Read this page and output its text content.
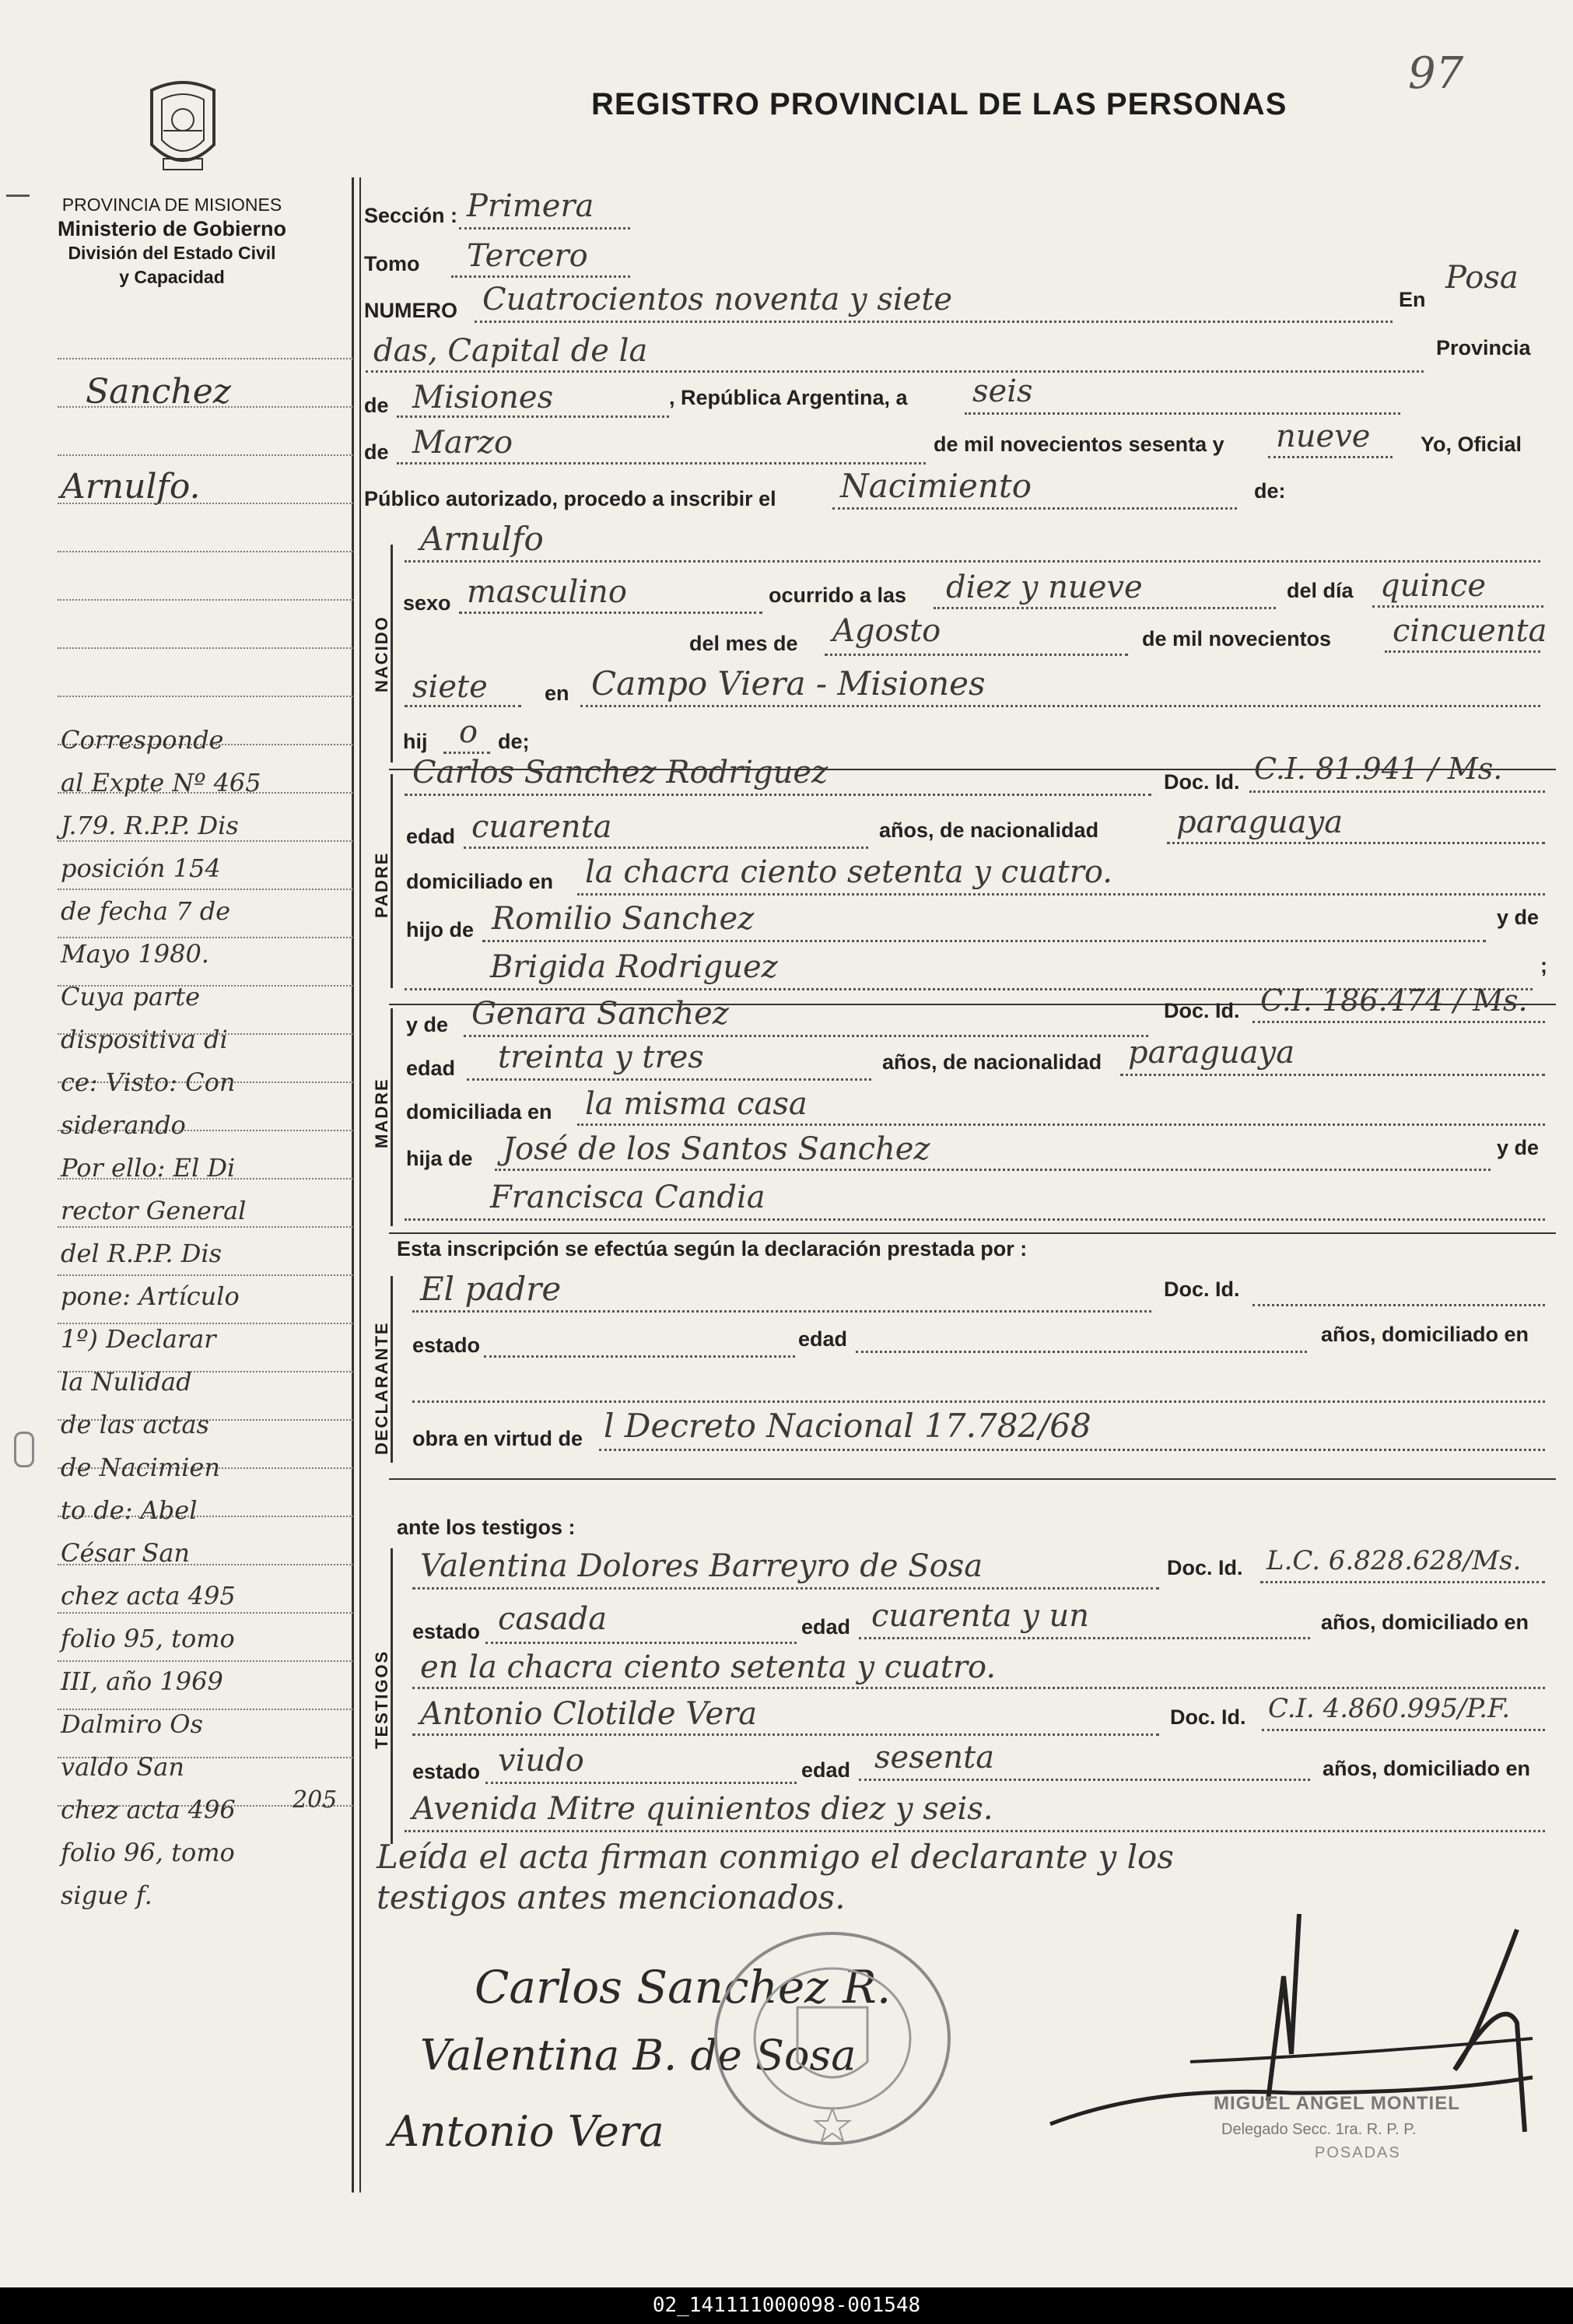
97
PROVINCIA DE MISIONES
Ministerio de Gobierno
División del Estado Civil
y Capacidad
REGISTRO PROVINCIAL DE LAS PERSONAS
Sanchez
Arnulfo.
Corresponde
al Expte Nº 465
J.79. R.P.P. Dis
posición 154
de fecha 7 de
Mayo 1980.
Cuya parte
dispositiva di
ce: Visto: Con
siderando
Por ello: El Di
rector General
del R.P.P. Dis
pone: Artículo
1º) Declarar
la Nulidad
de las actas
de Nacimien
to de: Abel
César San
chez acta 495
folio 95, tomo
III, año 1969
Dalmiro Os
valdo San
chez acta 496
folio 96, tomo
sigue f.
205
Sección : Primera
Tomo Tercero
NUMERO Cuatrocientos noventa y siete	En
Posa
das, Capital de la	Provincia
de Misiones	, República Argentina, a seis
de Marzo	de mil novecientos sesenta y nueve Yo, Oficial
Público autorizado, procedo a inscribir el Nacimiento	de:
NACIDO
Arnulfo
sexo masculino	ocurrido a las diez y nueve	del día quince
del mes de Agosto	de mil novecientos cincuenta
siete	en Campo Viera - Misiones
hij o de;
PADRE
Carlos Sanchez Rodriguez	Doc. Id. C.I. 81.941 / Ms.
edad cuarenta	años, de nacionalidad paraguaya
domiciliado en la chacra ciento setenta y cuatro.
hijo de Romilio Sanchez	y de
Brigida Rodriguez	;
MADRE
y de Genara Sanchez	Doc. Id. C.I. 186.474 / Ms.
edad treinta y tres	años, de nacionalidad paraguaya
domiciliada en la misma casa
hija de José de los Santos Sanchez	y de
Francisca Candia
Esta inscripción se efectúa según la declaración prestada por :
DECLARANTE
El padre	Doc. Id.
estado	edad	años, domiciliado en
obra en virtud de l Decreto Nacional 17.782/68
ante los testigos :
TESTIGOS
Valentina Dolores Barreyro de Sosa	Doc. Id. L.C. 6.828.628/Ms.
estado casada	edad cuarenta y un	años, domiciliado en
en la chacra ciento setenta y cuatro.
Antonio Clotilde Vera	Doc. Id. C.I. 4.860.995/P.F.
estado viudo	edad sesenta	años, domiciliado en
Avenida Mitre quinientos diez y seis.
Leída el acta firman conmigo el declarante y los
testigos antes mencionados.
Carlos Sanchez R.
Valentina B. de Sosa
Antonio Vera
MIGUEL ANGEL MONTIEL
Delegado Secc. 1ra. R. P. P.
POSADAS
02_141111000098-001548
